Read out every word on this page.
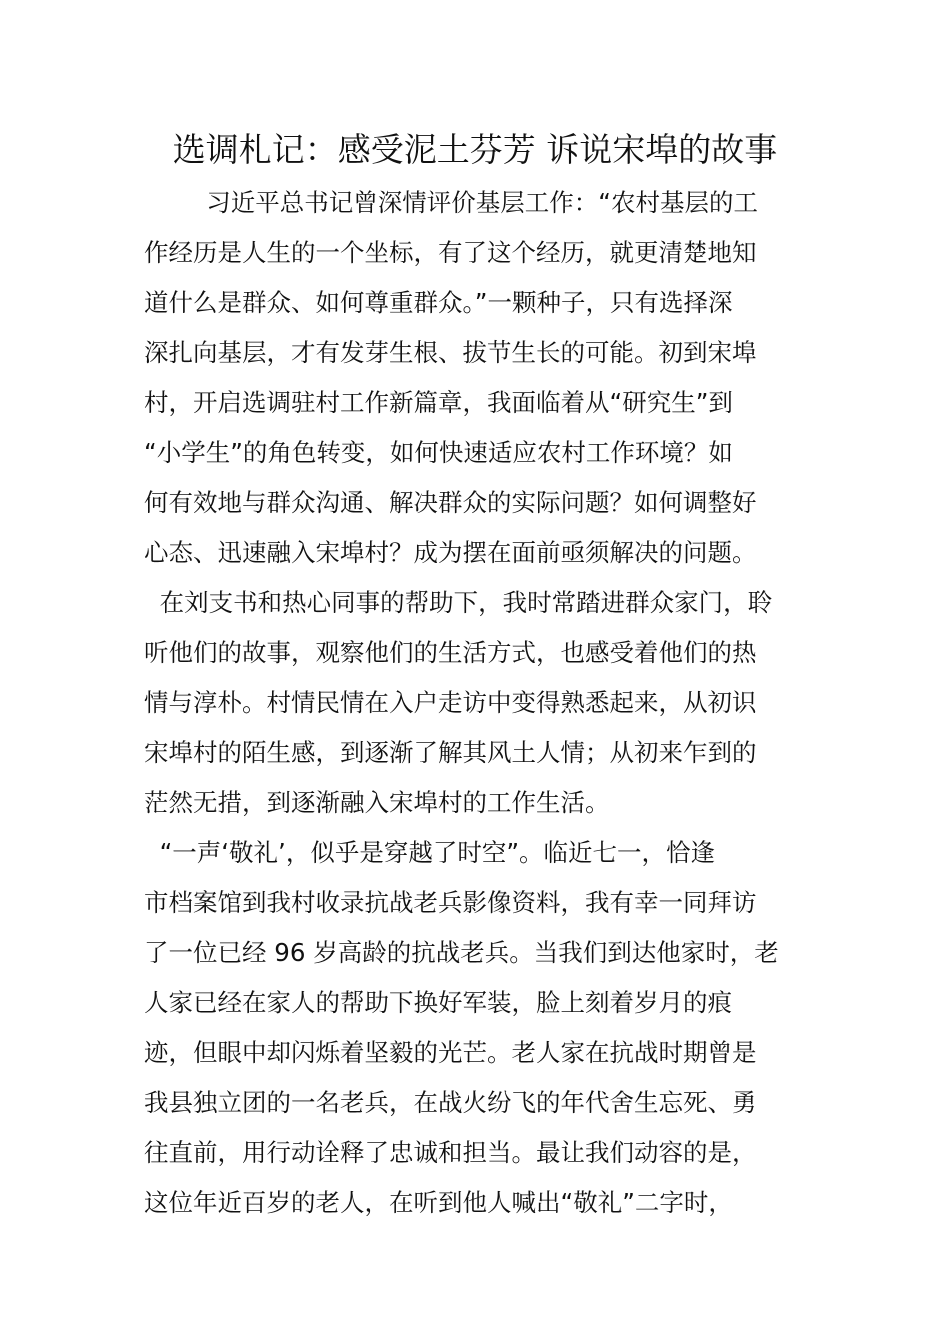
选调札记：感受泥土芬芳 诉说宋埠的故事
习近平总书记曾深情评价基层工作：“农村基层的工
作经历是人生的一个坐标，有了这个经历，就更清楚地知
道什么是群众、如何尊重群众。”一颗种子，只有选择深
深扎向基层，才有发芽生根、拔节生长的可能。初到宋埠
村，开启选调驻村工作新篇章，我面临着从“研究生”到
“小学生”的角色转变，如何快速适应农村工作环境？如
何有效地与群众沟通、解决群众的实际问题？如何调整好
心态、迅速融入宋埠村？成为摆在面前亟须解决的问题。
在刘支书和热心同事的帮助下，我时常踏进群众家门，聆
听他们的故事，观察他们的生活方式，也感受着他们的热
情与淳朴。村情民情在入户走访中变得熟悉起来，从初识
宋埠村的陌生感，到逐渐了解其风土人情；从初来乍到的
茫然无措，到逐渐融入宋埠村的工作生活。
“一声‘敬礼’，似乎是穿越了时空”。临近七一，恰逢
市档案馆到我村收录抗战老兵影像资料，我有幸一同拜访
了一位已经 96 岁高龄的抗战老兵。当我们到达他家时，老
人家已经在家人的帮助下换好军装，脸上刻着岁月的痕
迹，但眼中却闪烁着坚毅的光芒。老人家在抗战时期曾是
我县独立团的一名老兵，在战火纷飞的年代舍生忘死、勇
往直前，用行动诠释了忠诚和担当。最让我们动容的是，
这位年近百岁的老人，在听到他人喊出“敬礼”二字时，
